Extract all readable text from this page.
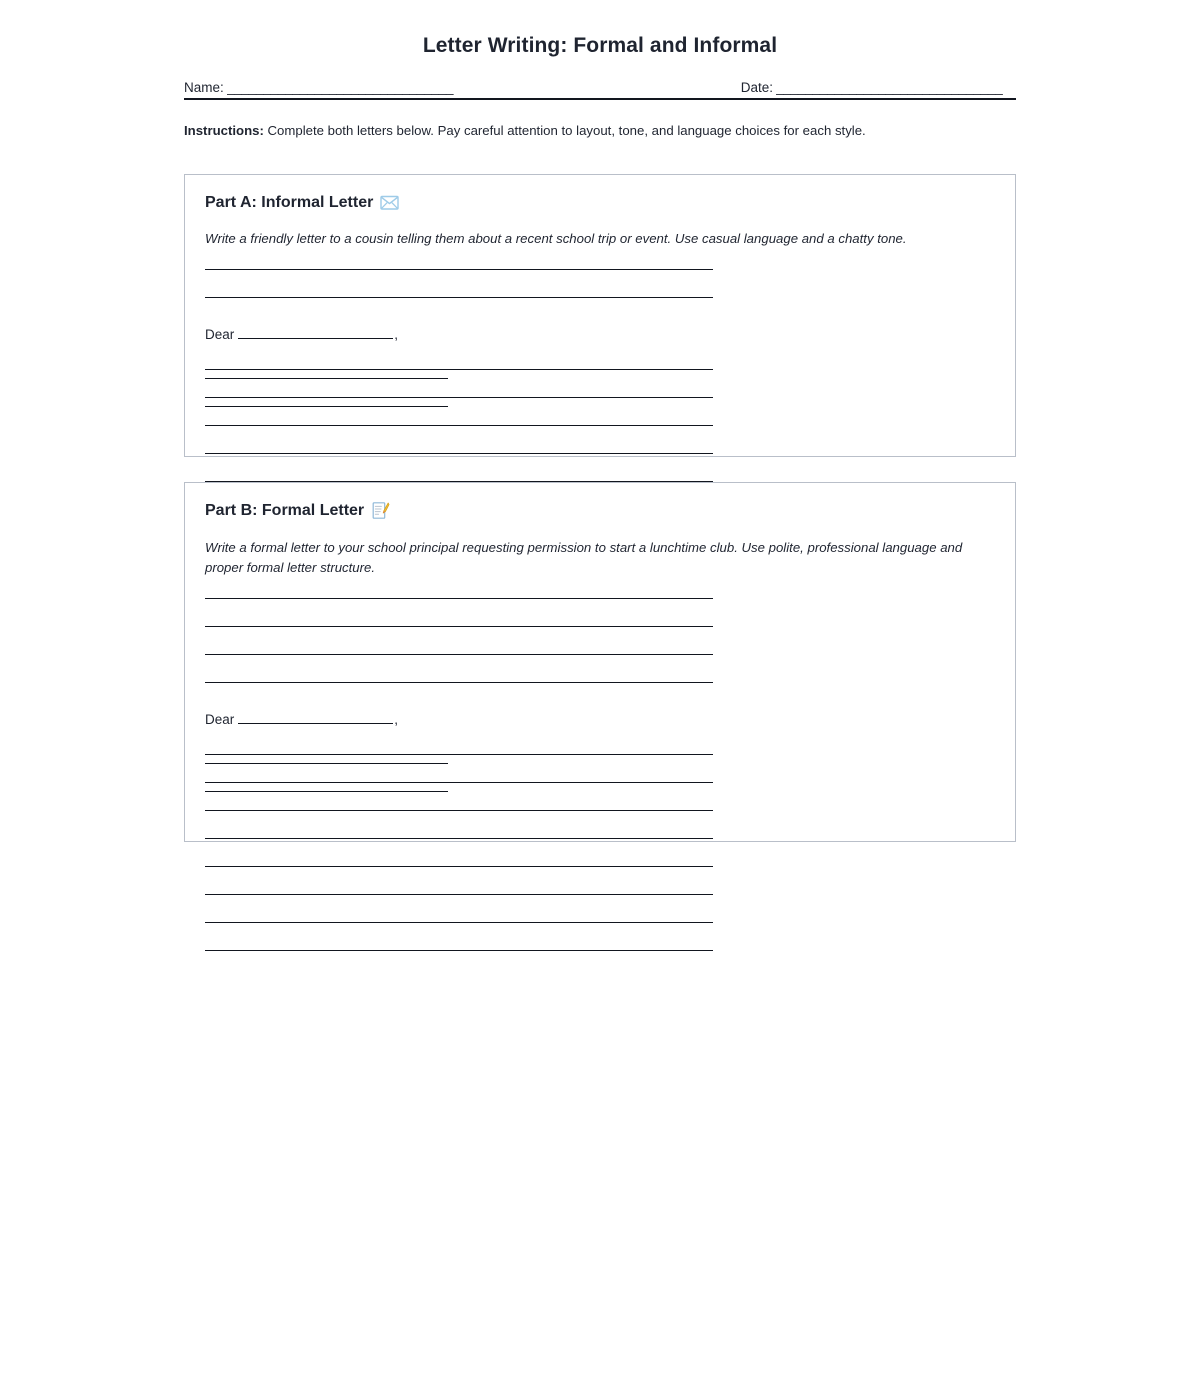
Letter Writing: Formal and Informal
Name: _______________________________	Date: _______________________________

Instructions: Complete both letters below. Pay careful attention to layout, tone, and language choices for each style.

Part A: Informal Letter

Write a friendly letter to a cousin telling them about a recent school trip or event. Use casual language and a chatty tone.

Dear	,
Part B: Formal Letter

Write a formal letter to your school principal requesting permission to start a lunchtime club. Use polite, professional language and proper formal letter structure.

Dear	,
